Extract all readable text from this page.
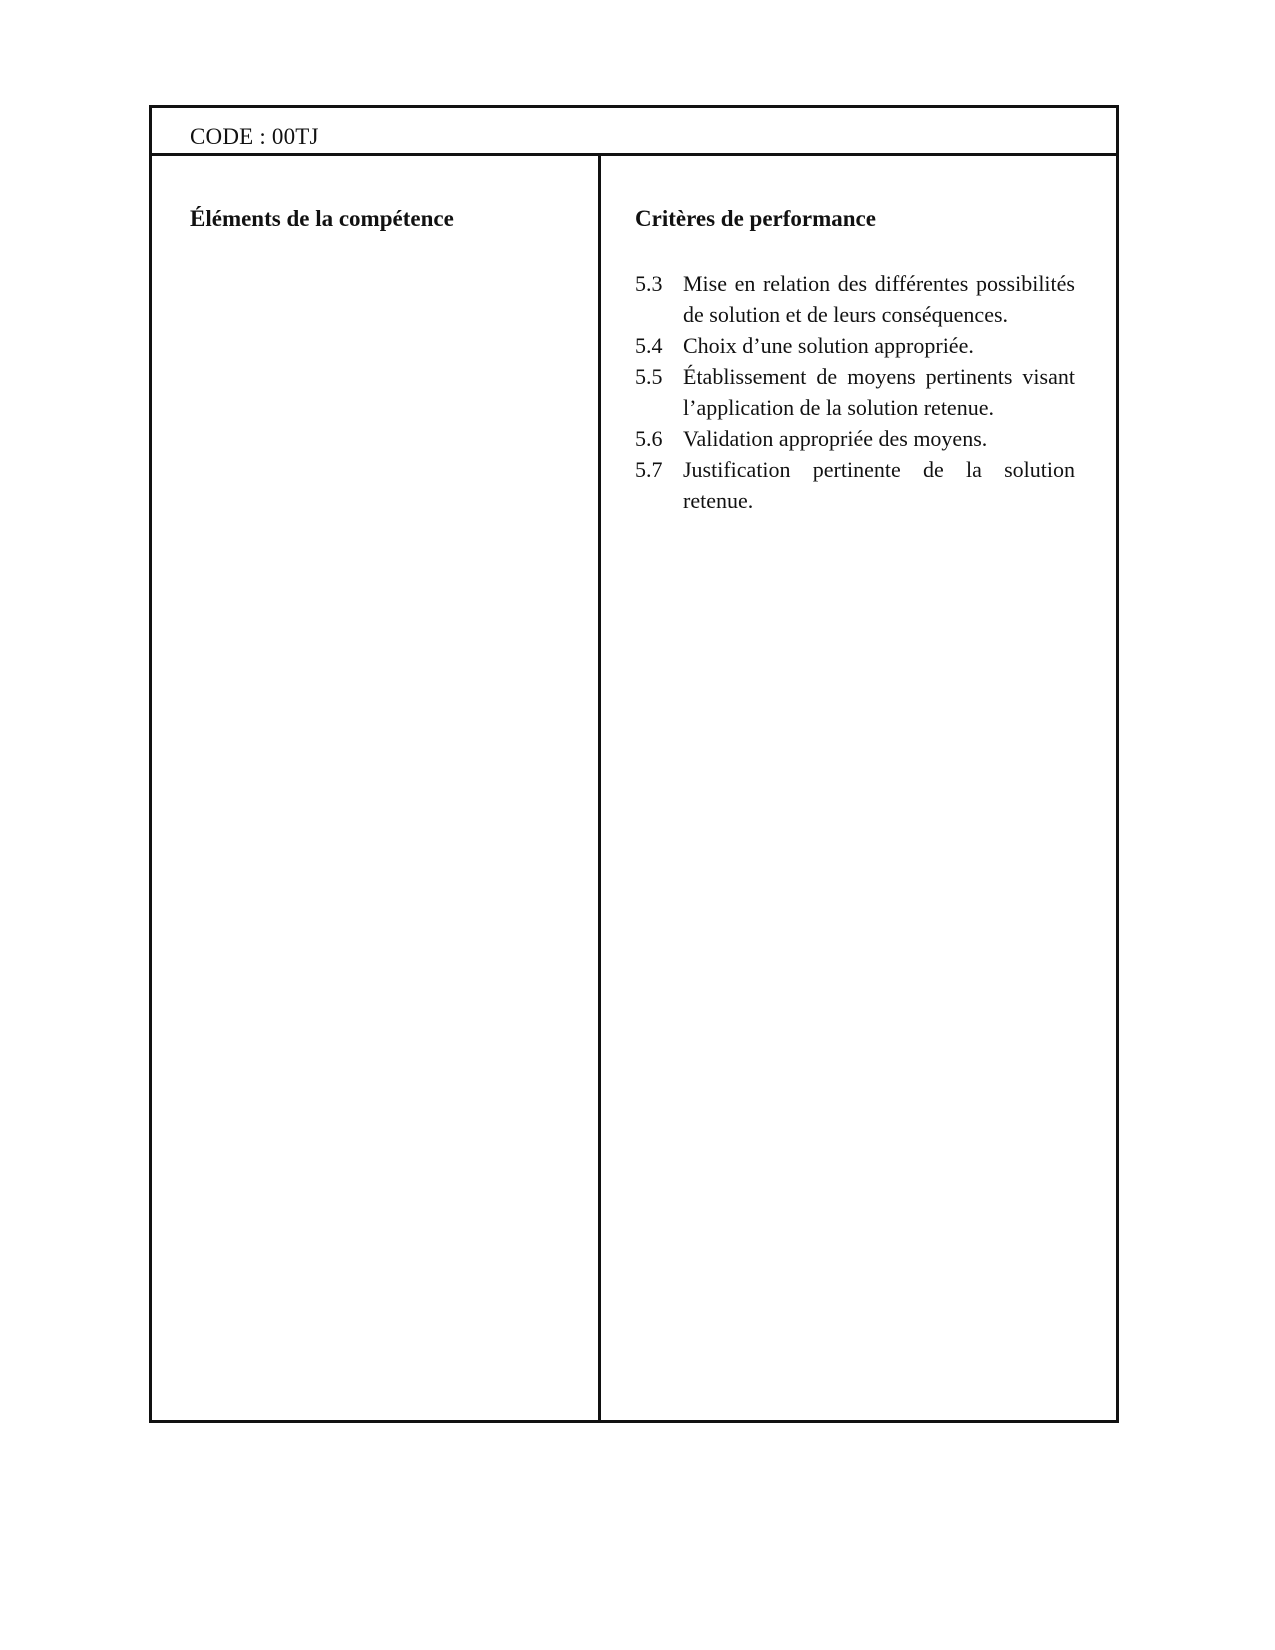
CODE : 00TJ
Éléments de la compétence	Critères de performance
5.3 Mise en relation des différentes possibilités de solution et de leurs conséquences.
5.4 Choix d’une solution appropriée.
5.5 Établissement de moyens pertinents visant l’application de la solution retenue.
5.6 Validation appropriée des moyens.
5.7 Justification pertinente de la solution retenue.
